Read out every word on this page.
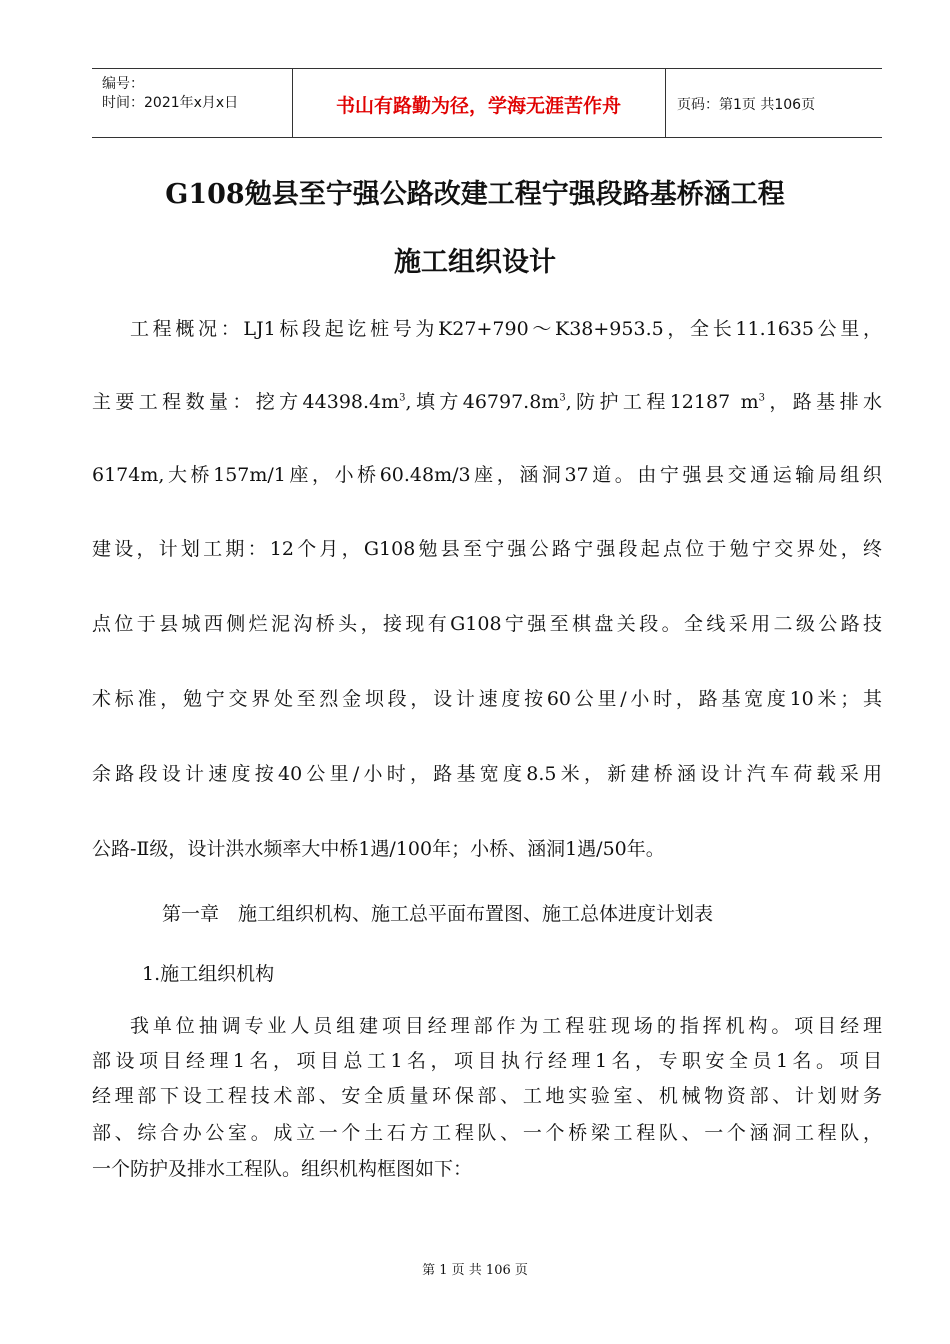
编号：
时间：2021年x月x日	书山有路勤为径，学海无涯苦作舟	页码：第1页 共106页
G108勉县至宁强公路改建工程宁强段路基桥涵工程
施工组织设计
工程概况：LJ1标段起讫桩号为K27+790～K38+953.5，全长11.1635公里，
主要工程数量：挖方$44398.4m^3$,填方$46797.8m^3$,防护工程12187 $m^3$，路基排水
6174m,大桥157m/1座，小桥60.48m/3座，涵洞37道。由宁强县交通运输局组织
建设，计划工期：12个月，G108勉县至宁强公路宁强段起点位于勉宁交界处，终
点位于县城西侧烂泥沟桥头，接现有G108宁强至棋盘关段。全线采用二级公路技
术标准，勉宁交界处至烈金坝段，设计速度按60公里/小时，路基宽度10米；其
余路段设计速度按40公里/小时，路基宽度8.5米，新建桥涵设计汽车荷载采用
公路-Ⅱ级，设计洪水频率大中桥1遇/100年；小桥、涵洞1遇/50年。
第一章　施工组织机构、施工总平面布置图、施工总体进度计划表
1.施工组织机构
我单位抽调专业人员组建项目经理部作为工程驻现场的指挥机构。项目经理
部设项目经理1名，项目总工1名，项目执行经理1名，专职安全员1名。项目
经理部下设工程技术部、安全质量环保部、工地实验室、机械物资部、计划财务
部、综合办公室。成立一个土石方工程队、一个桥梁工程队、一个涵洞工程队，
一个防护及排水工程队。组织机构框图如下：
第 1 页 共 106 页
